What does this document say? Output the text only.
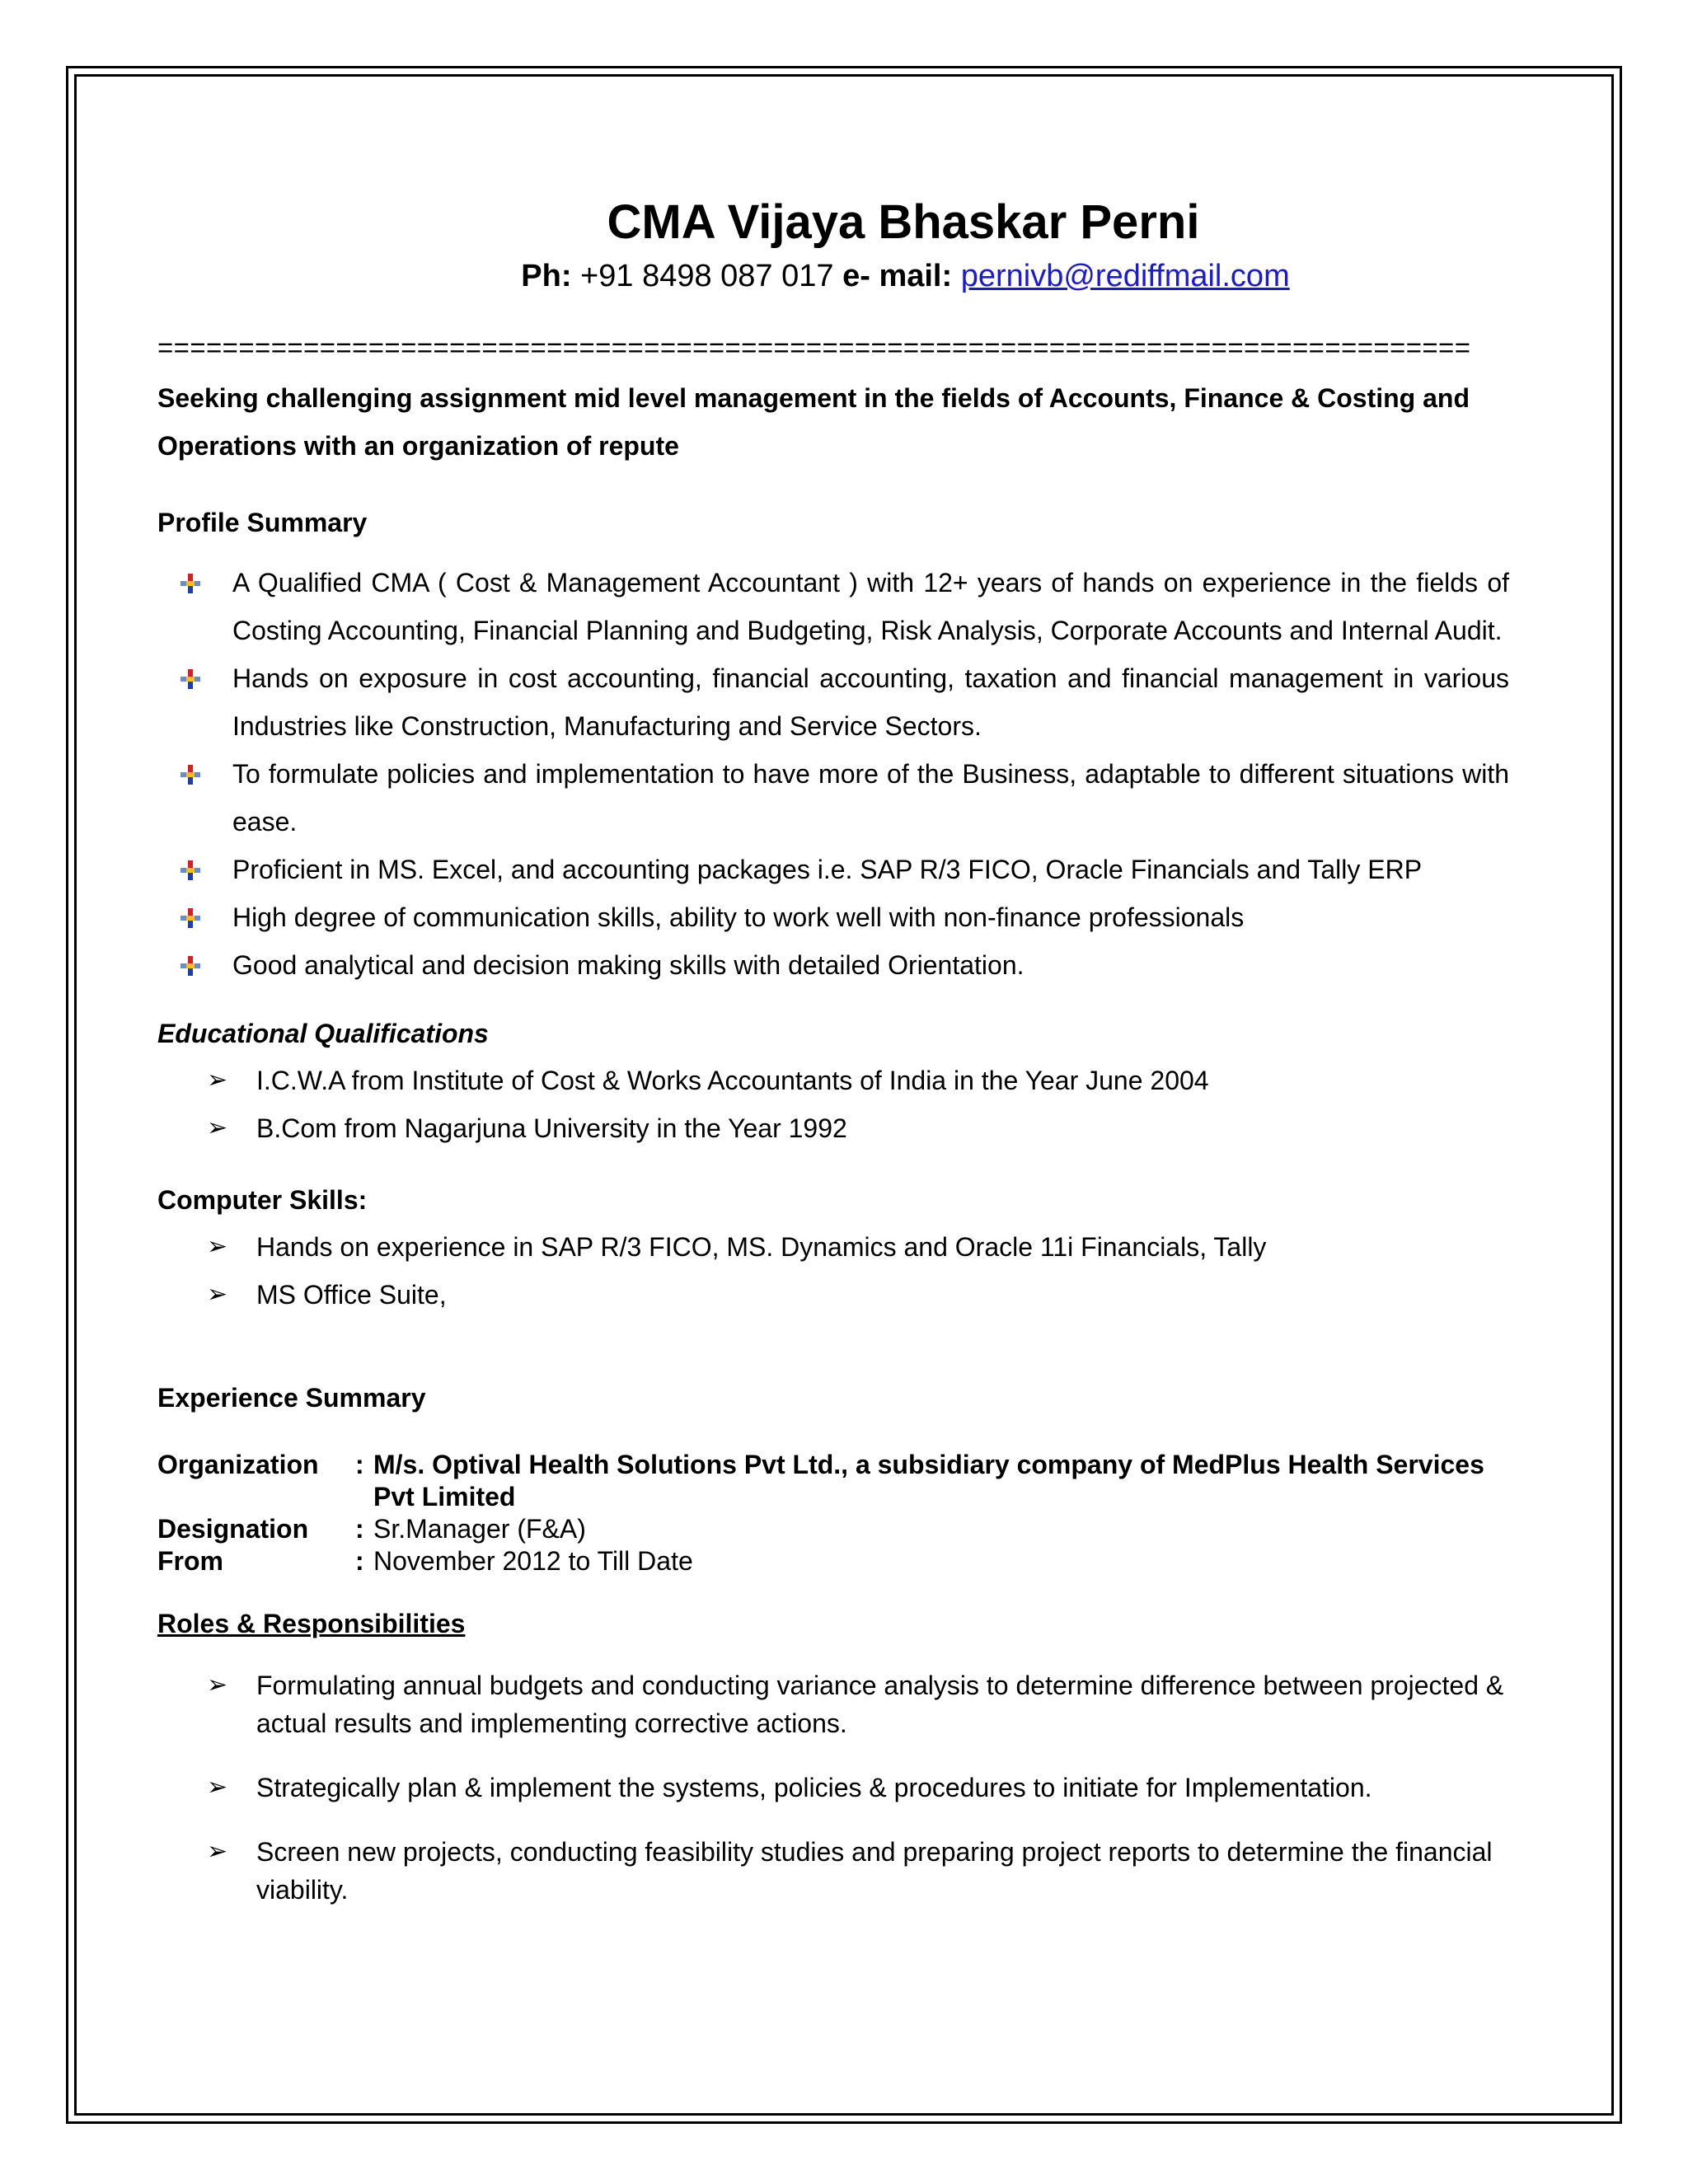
CMA Vijaya Bhaskar Perni

Ph: +91 8498 087 017 e- mail: pernivb@rediffmail.com

=================================================================================
Seeking challenging assignment mid level management in the fields of Accounts, Finance & Costing and Operations with an organization of repute
Profile Summary
A Qualified CMA ( Cost & Management Accountant ) with 12+ years of hands on experience in the fields of Costing Accounting, Financial Planning and Budgeting, Risk Analysis, Corporate Accounts and Internal Audit.
Hands on exposure in cost accounting, financial accounting, taxation and financial management in various Industries like Construction, Manufacturing and Service Sectors.
To formulate policies and implementation to have more of the Business, adaptable to different situations with ease.
Proficient in MS. Excel, and accounting packages i.e. SAP R/3 FICO, Oracle Financials and Tally ERP
High degree of communication skills, ability to work well with non-finance professionals
Good analytical and decision making skills with detailed Orientation.
Educational Qualifications
➢ I.C.W.A from Institute of Cost & Works Accountants of India in the Year June 2004
➢ B.Com from Nagarjuna University in the Year 1992
Computer Skills:
➢ Hands on experience in SAP R/3 FICO, MS. Dynamics and Oracle 11i Financials, Tally
➢ MS Office Suite,
Experience Summary
Organization	: M/s. Optival Health Solutions Pvt Ltd., a subsidiary company of MedPlus Health Services Pvt Limited
Designation	: Sr.Manager (F&A)
From	: November 2012 to Till Date
Roles & Responsibilities
➢ Formulating annual budgets and conducting variance analysis to determine difference between projected & actual results and implementing corrective actions.
➢ Strategically plan & implement the systems, policies & procedures to initiate for Implementation.
➢ Screen new projects, conducting feasibility studies and preparing project reports to determine the financial viability.
